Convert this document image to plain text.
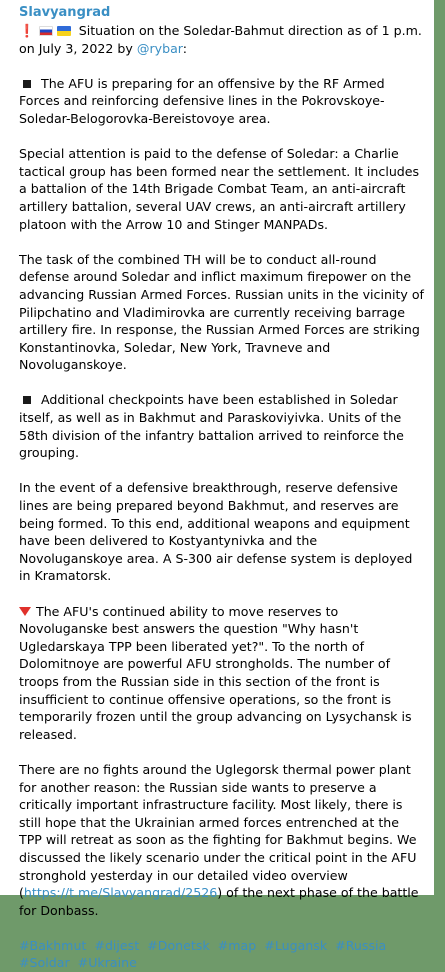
Slavyangrad

❗	Situation on the Soledar-Bahmut direction as of 1 p.m. on July 3, 2022 by @rybar:

The AFU is preparing for an offensive by the RF Armed Forces and reinforcing defensive lines in the Pokrovskoye-Soledar-Belogorovka-Bereistovoye area.

Special attention is paid to the defense of Soledar: a Charlie tactical group has been formed near the settlement. It includes a battalion of the 14th Brigade Combat Team, an anti-aircraft artillery battalion, several UAV crews, an anti-aircraft artillery platoon with the Arrow 10 and Stinger MANPADs.

The task of the combined TH will be to conduct all-round defense around Soledar and inflict maximum firepower on the advancing Russian Armed Forces. Russian units in the vicinity of Pilipchatino and Vladimirovka are currently receiving barrage artillery fire. In response, the Russian Armed Forces are striking Konstantinovka, Soledar, New York, Travneve and Novoluganskoye.

Additional checkpoints have been established in Soledar itself, as well as in Bakhmut and Paraskoviyivka. Units of the 58th division of the infantry battalion arrived to reinforce the grouping.

In the event of a defensive breakthrough, reserve defensive lines are being prepared beyond Bakhmut, and reserves are being formed. To this end, additional weapons and equipment have been delivered to Kostyantynivka and the Novoluganskoye area. A S-300 air defense system is deployed in Kramatorsk.

The AFU's continued ability to move reserves to Novoluganske best answers the question "Why hasn't Ugledarskaya TPP been liberated yet?". To the north of Dolomitnoye are powerful AFU strongholds. The number of troops from the Russian side in this section of the front is insufficient to continue offensive operations, so the front is temporarily frozen until the group advancing on Lysychansk is released.

There are no fights around the Uglegorsk thermal power plant for another reason: the Russian side wants to preserve a critically important infrastructure facility. Most likely, there is still hope that the Ukrainian armed forces entrenched at the TPP will retreat as soon as the fighting for Bakhmut begins. We discussed the likely scenario under the critical point in the AFU stronghold yesterday in our detailed video overview (https://t.me/Slavyangrad/2526) of the next phase of the battle for Donbass.

#Bakhmut #dijest #Donetsk #map #Lugansk #Russia #Soldar #Ukraine
